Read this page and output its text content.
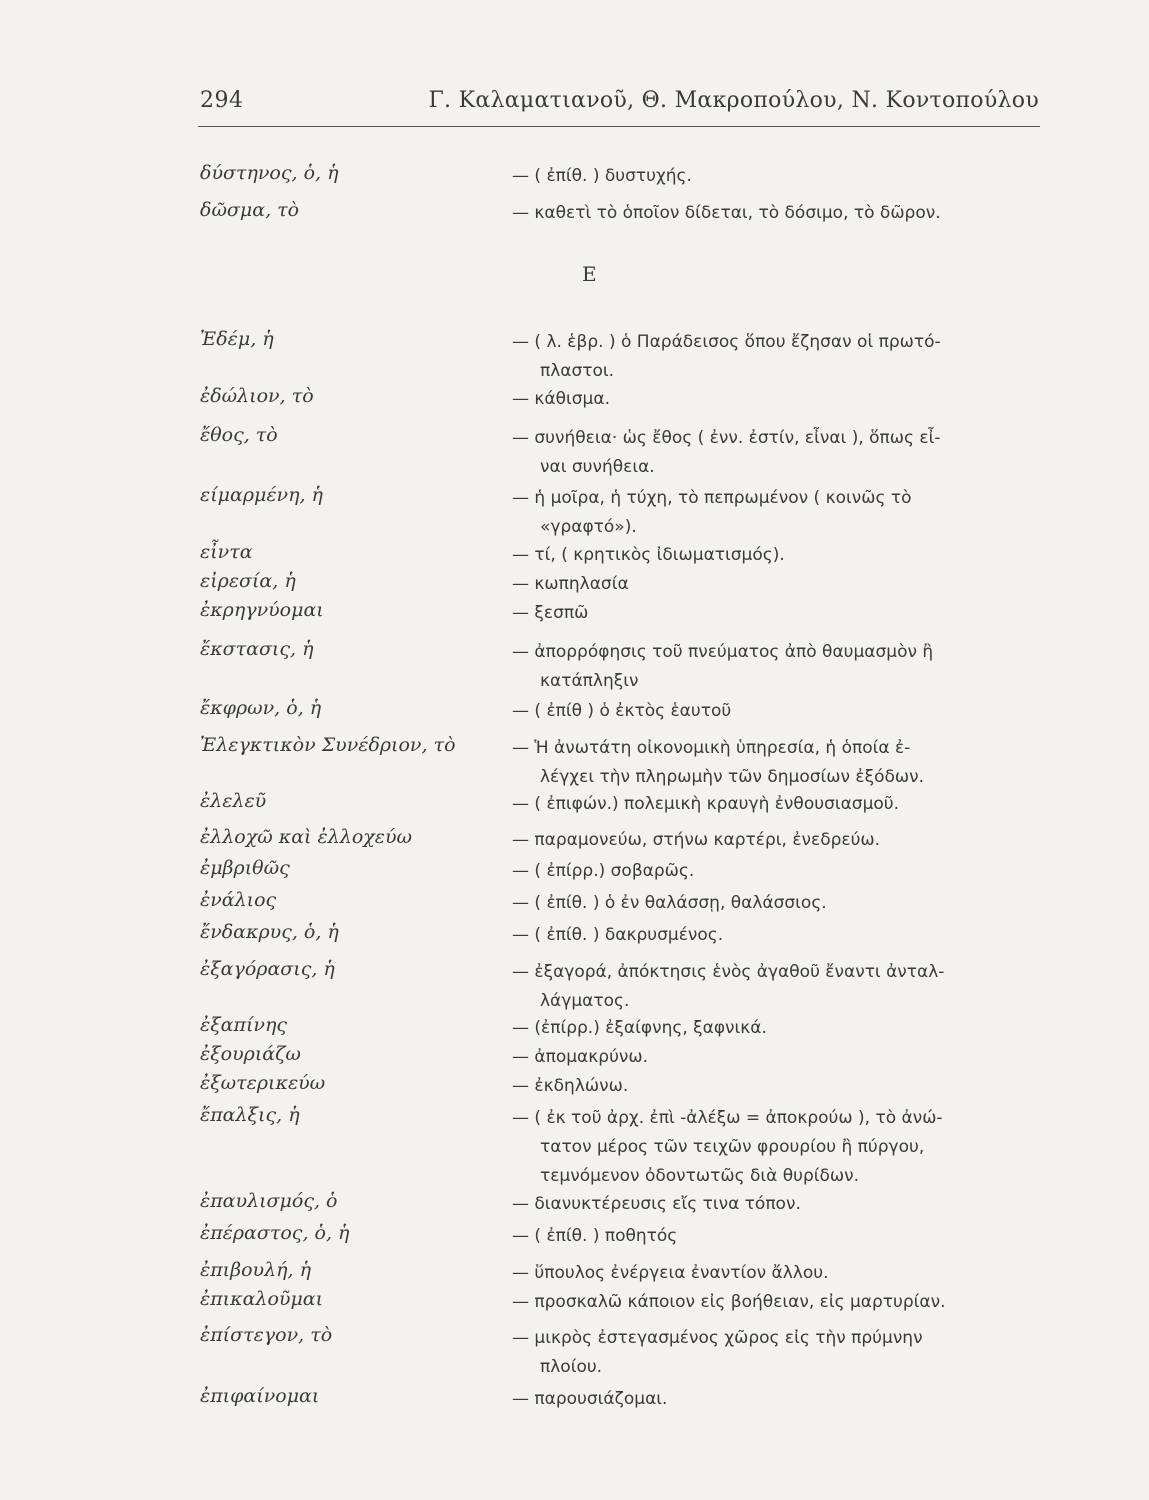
294	Γ. Καλαματιανοῦ, Θ. Μακροπούλου, Ν. Κοντοπούλου
Ε
δύστηνος, ὁ, ἡ	— ( ἐπίθ. ) δυστυχής.
δῶσμα, τὸ	— καθετὶ τὸ ὁποῖον δίδεται, τὸ δόσιμο, τὸ δῶρον.
Ἐδέμ, ἡ	— ( λ. ἑβρ. ) ὁ Παράδεισος ὅπου ἔζησαν οἱ πρωτό-
πλαστοι.
ἐδώλιον, τὸ	— κάθισμα.
ἔθος, τὸ	— συνήθεια· ὡς ἔθος ( ἐνν. ἐστίν, εἶναι ), ὅπως εἶ-
ναι συνήθεια.
είμαρμένη, ἡ	— ἡ μοῖρα, ἡ τύχη, τὸ πεπρωμένον ( κοινῶς τὸ
«γραφτό»).
εἶντα	— τί, ( κρητικὸς ἰδιωματισμός).
εἰρεσία, ἡ	— κωπηλασία
ἐκρηγνύομαι	— ξεσπῶ
ἔκστασις, ἡ	— ἀπορρόφησις τοῦ πνεύματος ἀπὸ θαυμασμὸν ἢ
κατάπληξιν
ἔκφρων, ὁ, ἡ	— ( ἐπίθ ) ὁ ἐκτὸς ἑαυτοῦ
Ἐλεγκτικὸν Συνέδριον, τὸ	— Ἡ ἀνωτάτη οἰκονομικὴ ὑπηρεσία, ἡ ὁποία ἐ-
λέγχει τὴν πληρωμὴν τῶν δημοσίων ἐξόδων.
ἐλελεῦ	— ( ἐπιφών.) πολεμικὴ κραυγὴ ἐνθουσιασμοῦ.
ἐλλοχῶ καὶ ἐλλοχεύω	— παραμονεύω, στήνω καρτέρι, ἐνεδρεύω.
ἐμβριθῶς	— ( ἐπίρρ.) σοβαρῶς.
ἐνάλιος	— ( ἐπίθ. ) ὁ ἐν θαλάσσῃ, θαλάσσιος.
ἔνδακρυς, ὁ, ἡ	— ( ἐπίθ. ) δακρυσμένος.
ἐξαγόρασις, ἡ	— ἐξαγορά, ἀπόκτησις ἑνὸς ἀγαθοῦ ἔναντι ἀνταλ-
λάγματος.
ἐξαπίνης	— (ἐπίρρ.) ἐξαίφνης, ξαφνικά.
ἐξουριάζω	— ἀπομακρύνω.
ἐξωτερικεύω	— ἐκδηλώνω.
ἔπαλξις, ἡ	— ( ἐκ τοῦ ἀρχ. ἐπὶ -ἀλέξω = ἀποκρούω ), τὸ ἀνώ-
τατον μέρος τῶν τειχῶν φρουρίου ἢ πύργου,
τεμνόμενον ὀδοντωτῶς διὰ θυρίδων.
ἐπαυλισμός, ὁ	— διανυκτέρευσις εἴς τινα τόπον.
ἐπέραστος, ὁ, ἡ	— ( ἐπίθ. ) ποθητός
ἐπιβουλή, ἡ	— ὕπουλος ἐνέργεια ἐναντίον ἄλλου.
ἐπικαλοῦμαι	— προσκαλῶ κάποιον εἰς βοήθειαν, εἰς μαρτυρίαν.
ἐπίστεγον, τὸ	— μικρὸς ἐστεγασμένος χῶρος εἰς τὴν πρύμνην
πλοίου.
ἐπιφαίνομαι	— παρουσιάζομαι.
